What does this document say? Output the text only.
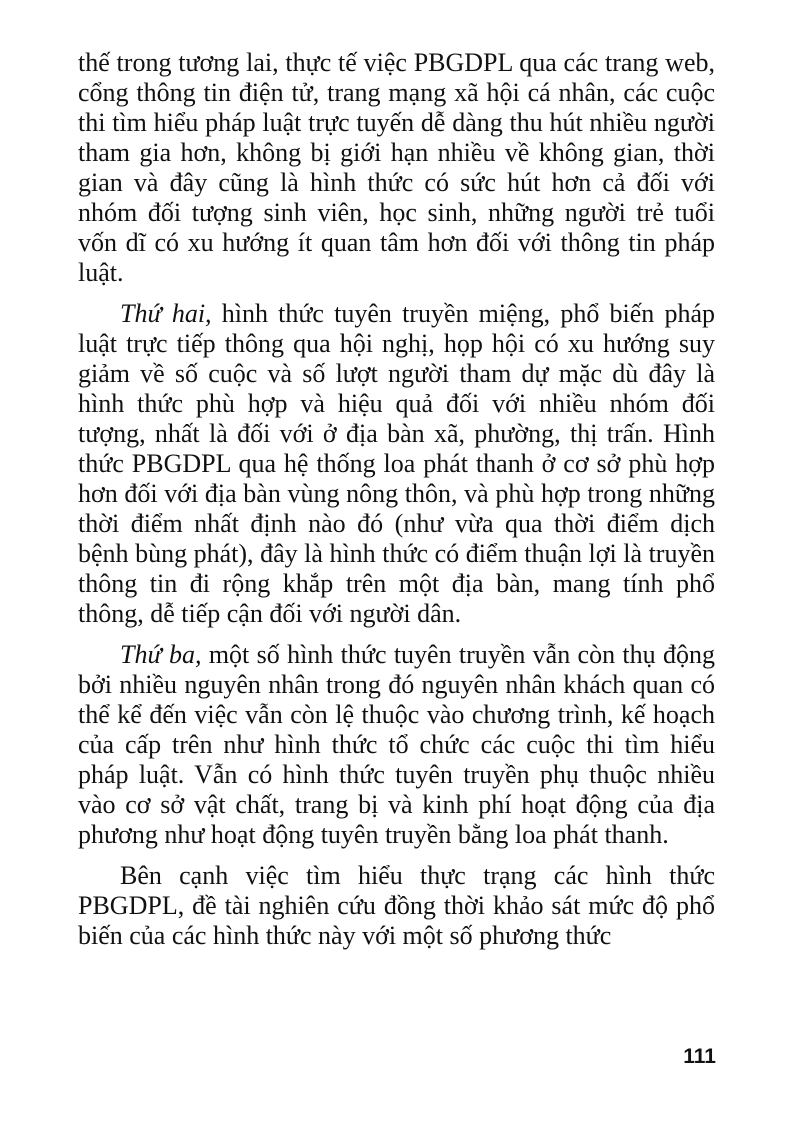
thế trong tương lai, thực tế việc PBGDPL qua các trang web, cổng thông tin điện tử, trang mạng xã hội cá nhân, các cuộc thi tìm hiểu pháp luật trực tuyến dễ dàng thu hút nhiều người tham gia hơn, không bị giới hạn nhiều về không gian, thời gian và đây cũng là hình thức có sức hút hơn cả đối với nhóm đối tượng sinh viên, học sinh, những người trẻ tuổi vốn dĩ có xu hướng ít quan tâm hơn đối với thông tin pháp luật.

Thứ hai, hình thức tuyên truyền miệng, phổ biến pháp luật trực tiếp thông qua hội nghị, họp hội có xu hướng suy giảm về số cuộc và số lượt người tham dự mặc dù đây là hình thức phù hợp và hiệu quả đối với nhiều nhóm đối tượng, nhất là đối với ở địa bàn xã, phường, thị trấn. Hình thức PBGDPL qua hệ thống loa phát thanh ở cơ sở phù hợp hơn đối với địa bàn vùng nông thôn, và phù hợp trong những thời điểm nhất định nào đó (như vừa qua thời điểm dịch bệnh bùng phát), đây là hình thức có điểm thuận lợi là truyền thông tin đi rộng khắp trên một địa bàn, mang tính phổ thông, dễ tiếp cận đối với người dân.

Thứ ba, một số hình thức tuyên truyền vẫn còn thụ động bởi nhiều nguyên nhân trong đó nguyên nhân khách quan có thể kể đến việc vẫn còn lệ thuộc vào chương trình, kế hoạch của cấp trên như hình thức tổ chức các cuộc thi tìm hiểu pháp luật. Vẫn có hình thức tuyên truyền phụ thuộc nhiều vào cơ sở vật chất, trang bị và kinh phí hoạt động của địa phương như hoạt động tuyên truyền bằng loa phát thanh.

Bên cạnh việc tìm hiểu thực trạng các hình thức PBGDPL, đề tài nghiên cứu đồng thời khảo sát mức độ phổ biến của các hình thức này với một số phương thức

111
